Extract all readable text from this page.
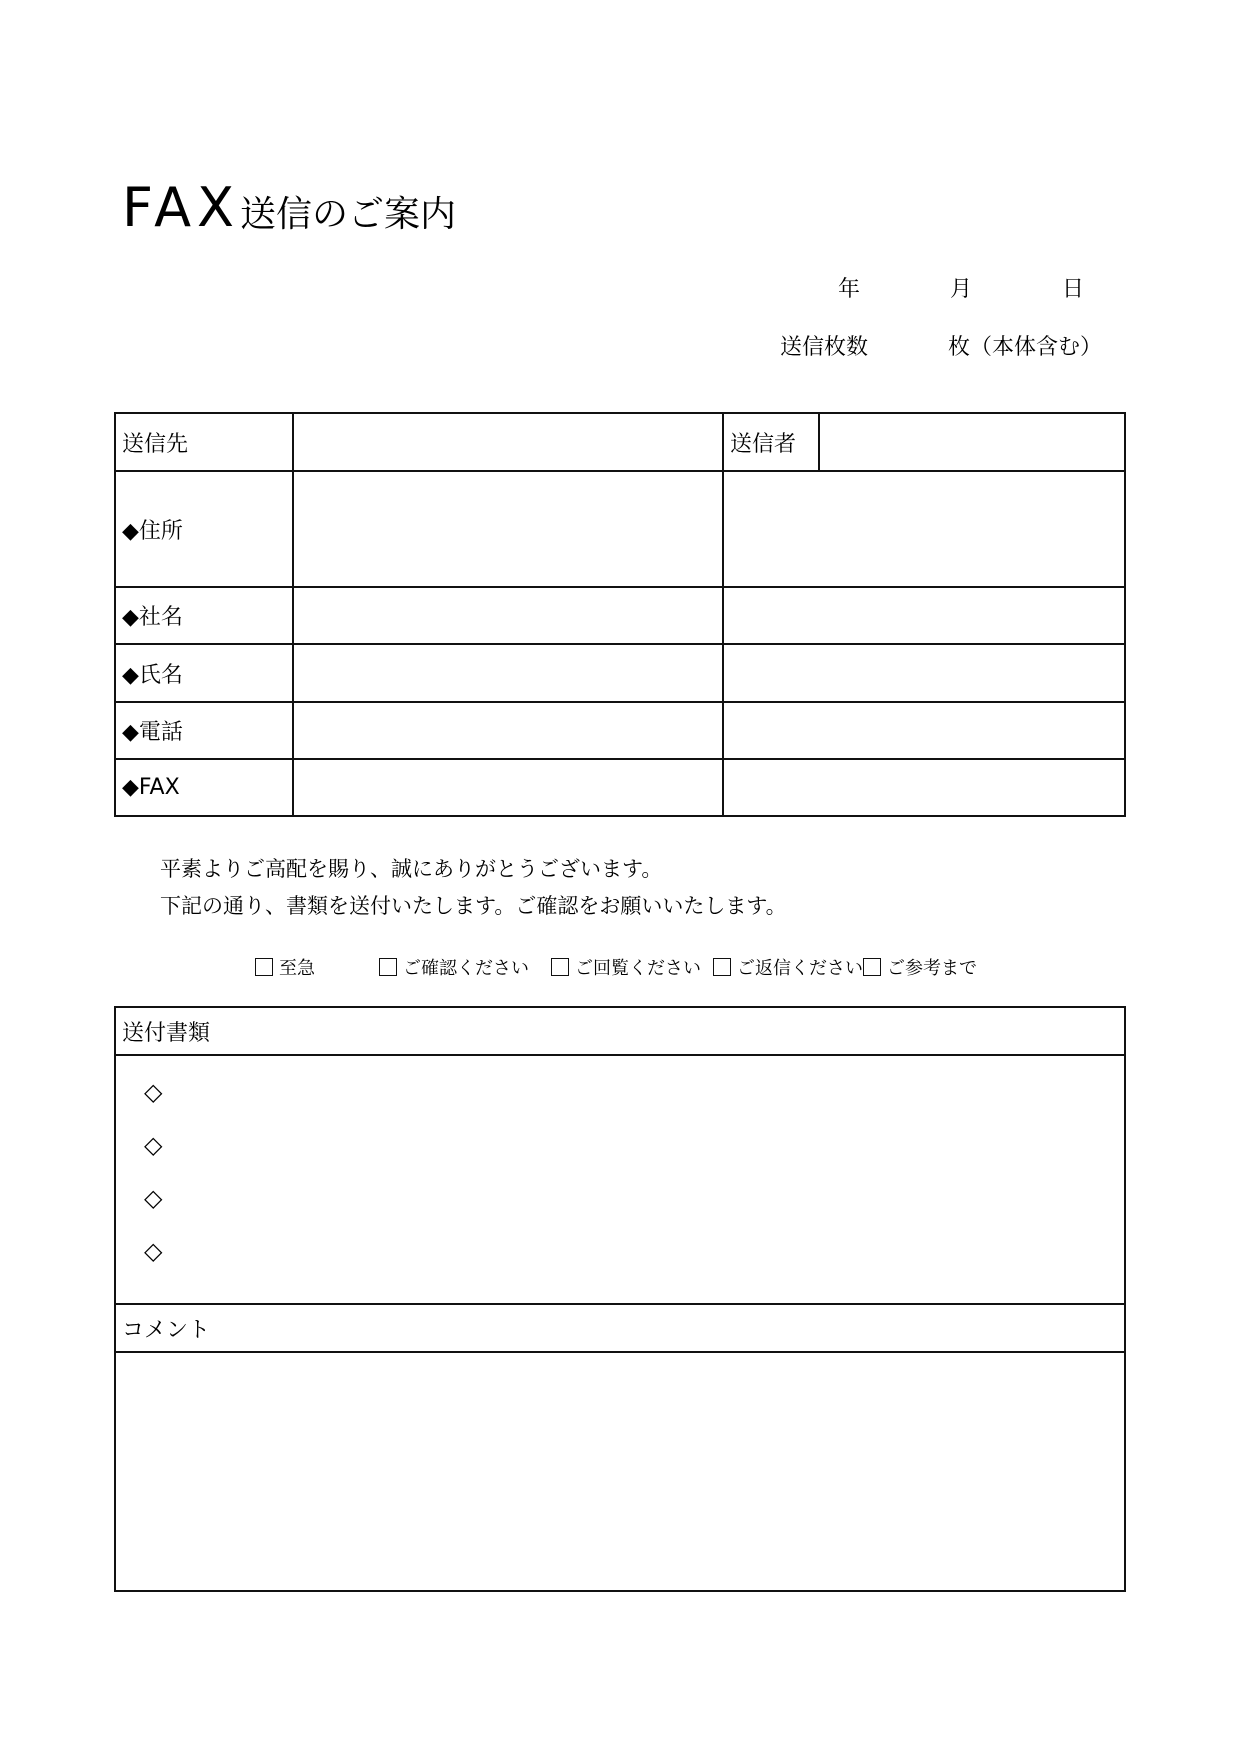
FAX送信のご案内
年	月	日
送信枚数	枚（本体含む）
送信先		送信者	
◆住所			
◆社名			
◆氏名			
◆電話			
◆FAX			
平素よりご高配を賜り、誠にありがとうございます。
下記の通り、書類を送付いたします。ご確認をお願いいたします。
至急	ご確認ください	ご回覧ください ご返信ください ご参考まで
送付書類
◇
◇
◇
◇
コメント
